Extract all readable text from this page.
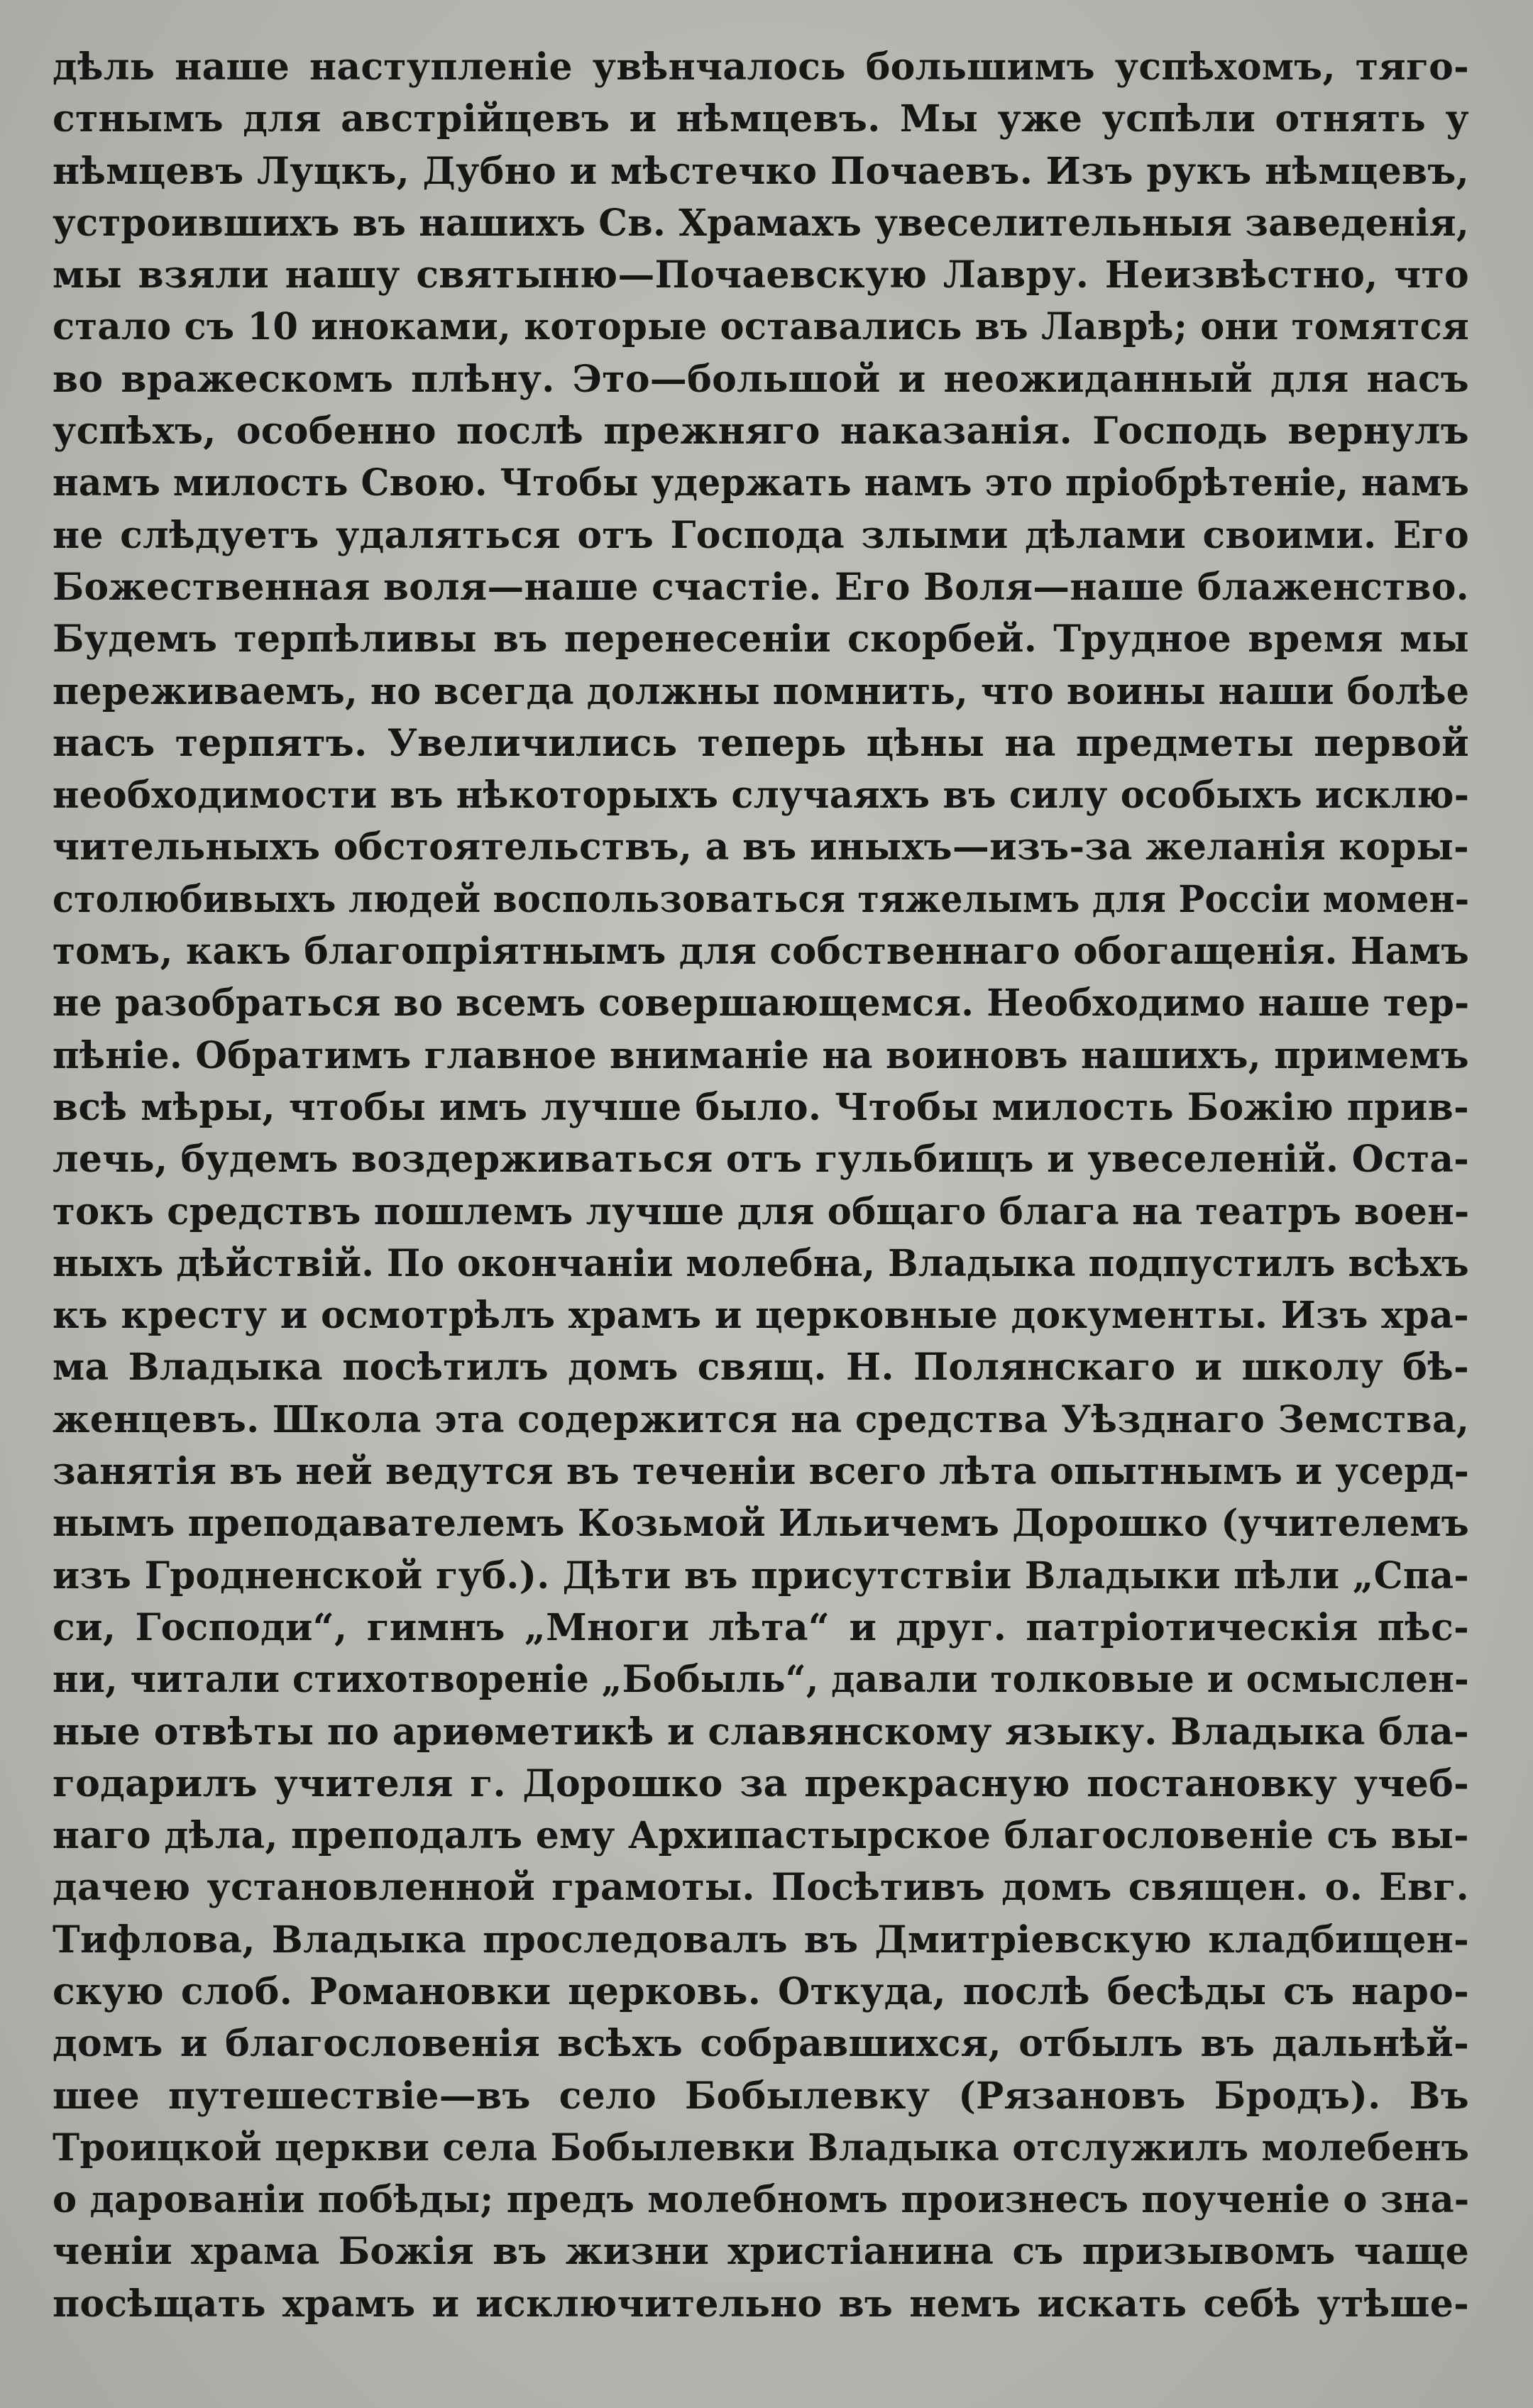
дѣль наше наступленіе увѣнчалось большимъ успѣхомъ, тяго-
стнымъ для австрійцевъ и нѣмцевъ. Мы уже успѣли отнять у
нѣмцевъ Луцкъ, Дубно и мѣстечко Почаевъ. Изъ рукъ нѣмцевъ,
устроившихъ въ нашихъ Св. Храмахъ увеселительныя заведенія,
мы взяли нашу святыню—Почаевскую Лавру. Неизвѣстно, что
стало съ 10 иноками, которые оставались въ Лаврѣ; они томятся
во вражескомъ плѣну. Это—большой и неожиданный для насъ
успѣхъ, особенно послѣ прежняго наказанія. Господь вернулъ
намъ милость Свою. Чтобы удержать намъ это пріобрѣтеніе, намъ
не слѣдуетъ удаляться отъ Господа злыми дѣлами своими. Его
Божественная воля—наше счастіе. Его Воля—наше блаженство.
Будемъ терпѣливы въ перенесеніи скорбей. Трудное время мы
переживаемъ, но всегда должны помнить, что воины наши болѣе
насъ терпятъ. Увеличились теперь цѣны на предметы первой
необходимости въ нѣкоторыхъ случаяхъ въ силу особыхъ исклю-
чительныхъ обстоятельствъ, а въ иныхъ—изъ-за желанія коры-
столюбивыхъ людей воспользоваться тяжелымъ для Россіи момен-
томъ, какъ благопріятнымъ для собственнаго обогащенія. Намъ
не разобраться во всемъ совершающемся. Необходимо наше тер-
пѣніе. Обратимъ главное вниманіе на воиновъ нашихъ, примемъ
всѣ мѣры, чтобы имъ лучше было. Чтобы милость Божію прив-
лечь, будемъ воздерживаться отъ гульбищъ и увеселеній. Оста-
токъ средствъ пошлемъ лучше для общаго блага на театръ воен-
ныхъ дѣйствій. По окончаніи молебна, Владыка подпустилъ всѣхъ
къ кресту и осмотрѣлъ храмъ и церковные документы. Изъ хра-
ма Владыка посѣтилъ домъ свящ. Н. Полянскаго и школу бѣ-
женцевъ. Школа эта содержится на средства Уѣзднаго Земства,
занятія въ ней ведутся въ теченіи всего лѣта опытнымъ и усерд-
нымъ преподавателемъ Козьмой Ильичемъ Дорошко (учителемъ
изъ Гродненской губ.). Дѣти въ присутствіи Владыки пѣли „Спа-
си, Господи“, гимнъ „Многи лѣта“ и друг. патріотическія пѣс-
ни, читали стихотвореніе „Бобыль“, давали толковые и осмыслен-
ные отвѣты по ариѳметикѣ и славянскому языку. Владыка бла-
годарилъ учителя г. Дорошко за прекрасную постановку учеб-
наго дѣла, преподалъ ему Архипастырское благословеніе съ вы-
дачею установленной грамоты. Посѣтивъ домъ священ. о. Евг.
Тифлова, Владыка проследовалъ въ Дмитріевскую кладбищен-
скую слоб. Романовки церковь. Откуда, послѣ бесѣды съ наро-
домъ и благословенія всѣхъ собравшихся, отбылъ въ дальнѣй-
шее путешествіе—въ село Бобылевку (Рязановъ Бродъ). Въ
Троицкой церкви села Бобылевки Владыка отслужилъ молебенъ
о дарованіи побѣды; предъ молебномъ произнесъ поученіе о зна-
ченіи храма Божія въ жизни христіанина съ призывомъ чаще
посѣщать храмъ и исключительно въ немъ искать себѣ утѣше-
